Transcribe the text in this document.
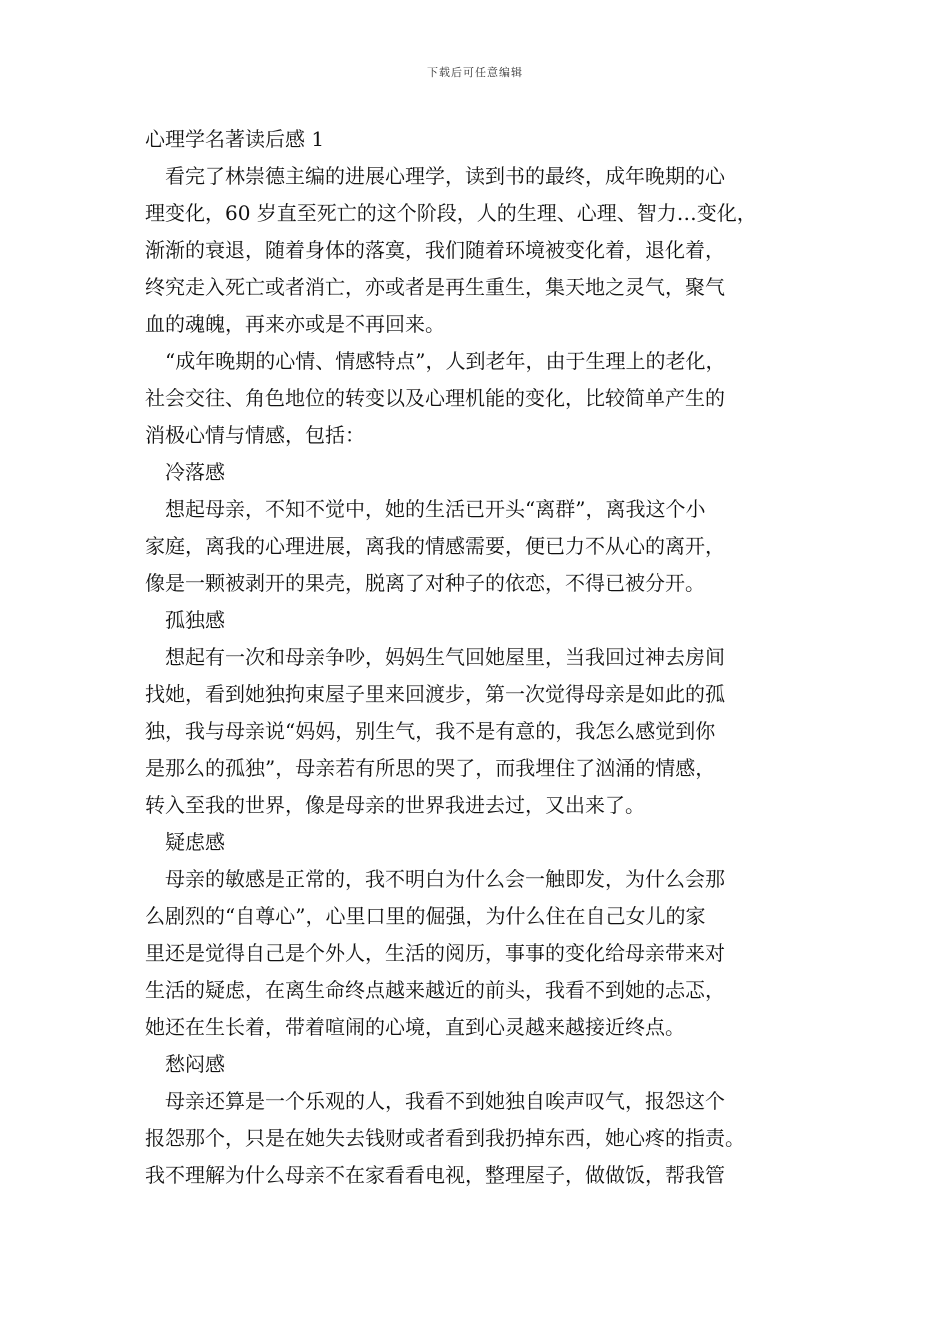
下载后可任意编辑
心理学名著读后感 1
看完了林崇德主编的进展心理学，读到书的最终，成年晚期的心
理变化，60 岁直至死亡的这个阶段，人的生理、心理、智力…变化，
渐渐的衰退，随着身体的落寞，我们随着环境被变化着，退化着，
终究走入死亡或者消亡，亦或者是再生重生，集天地之灵气，聚气
血的魂魄，再来亦或是不再回来。
“成年晚期的心情、情感特点”，人到老年，由于生理上的老化，
社会交往、角色地位的转变以及心理机能的变化，比较简单产生的
消极心情与情感，包括：
冷落感
想起母亲，不知不觉中，她的生活已开头“离群”，离我这个小
家庭，离我的心理进展，离我的情感需要，便已力不从心的离开，
像是一颗被剥开的果壳，脱离了对种子的依恋，不得已被分开。
孤独感
想起有一次和母亲争吵，妈妈生气回她屋里，当我回过神去房间
找她，看到她独拘束屋子里来回渡步，第一次觉得母亲是如此的孤
独，我与母亲说“妈妈，别生气，我不是有意的，我怎么感觉到你
是那么的孤独”，母亲若有所思的哭了，而我埋住了汹涌的情感，
转入至我的世界，像是母亲的世界我进去过，又出来了。
疑虑感
母亲的敏感是正常的，我不明白为什么会一触即发，为什么会那
么剧烈的“自尊心”，心里口里的倔强，为什么住在自己女儿的家
里还是觉得自己是个外人，生活的阅历，事事的变化给母亲带来对
生活的疑虑，在离生命终点越来越近的前头，我看不到她的忐忑，
她还在生长着，带着喧闹的心境，直到心灵越来越接近终点。
愁闷感
母亲还算是一个乐观的人，我看不到她独自唉声叹气，报怨这个
报怨那个，只是在她失去钱财或者看到我扔掉东西，她心疼的指责。
我不理解为什么母亲不在家看看电视，整理屋子，做做饭，帮我管
